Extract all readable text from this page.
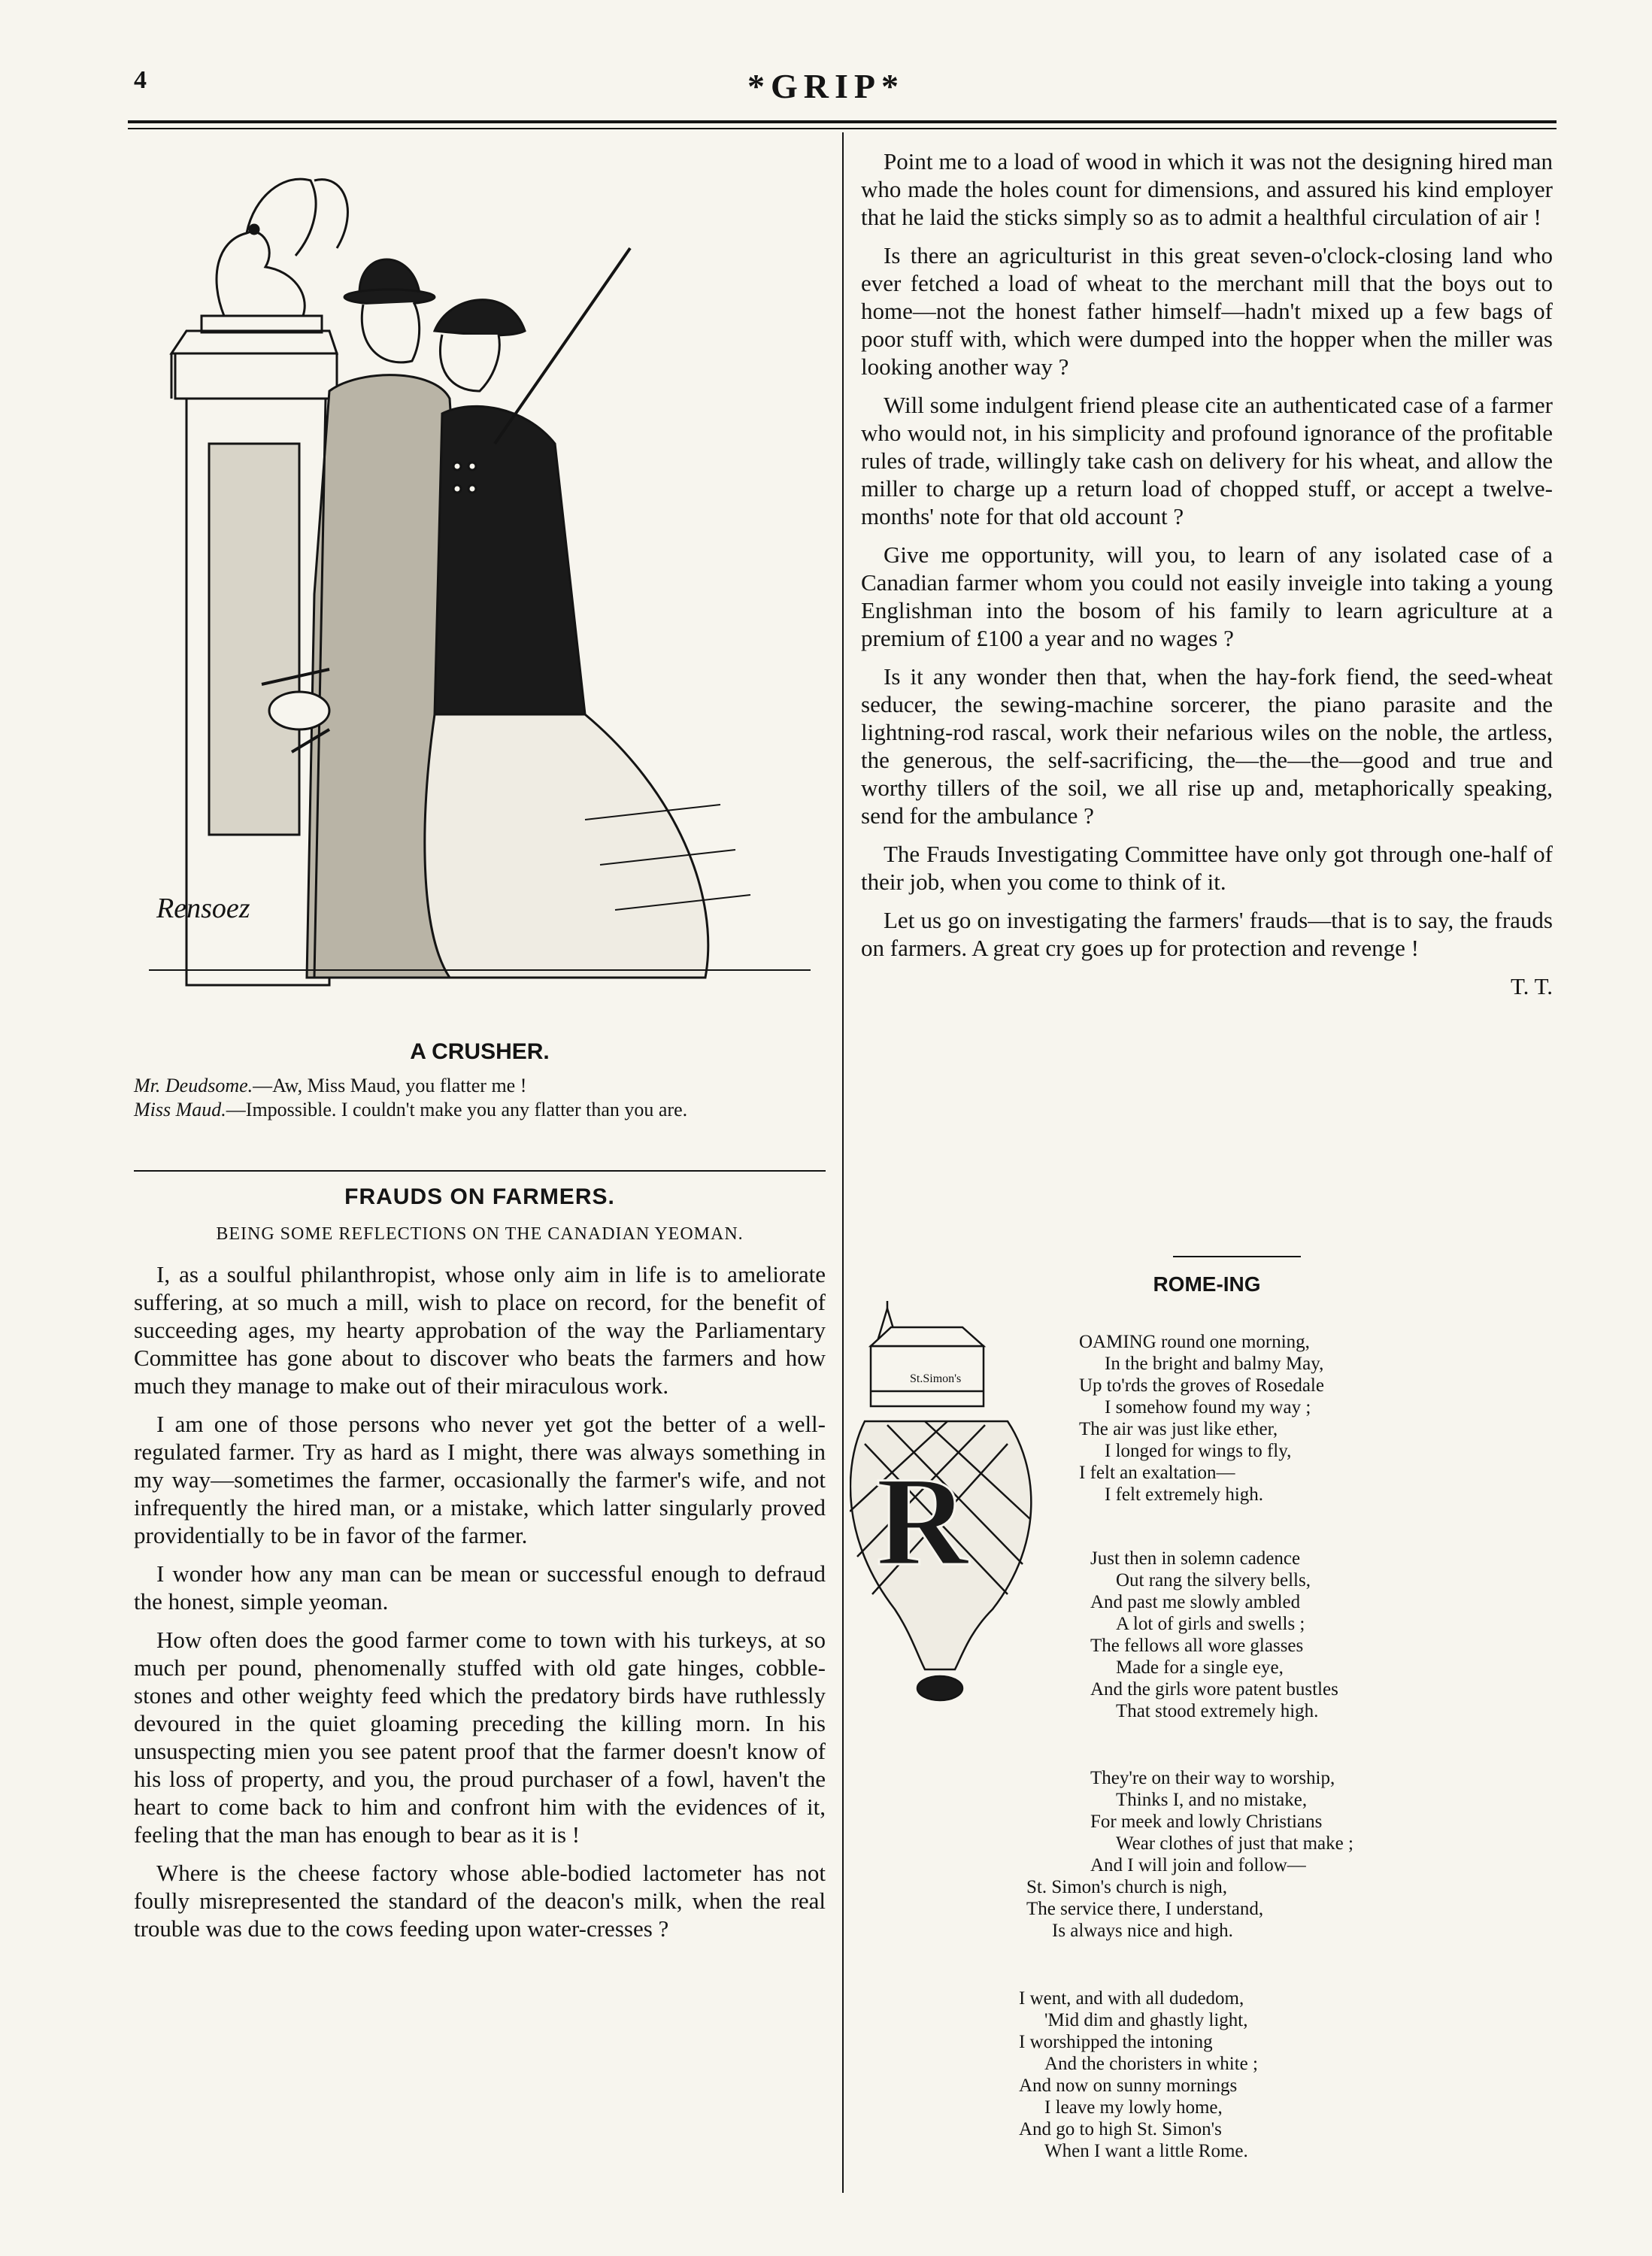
4	*GRIP*
Rensoez
A CRUSHER.
Mr. Deudsome.—Aw, Miss Maud, you flatter me !
Miss Maud.—Impossible. I couldn't make you any flatter than you are.
FRAUDS ON FARMERS.
BEING SOME REFLECTIONS ON THE CANADIAN YEOMAN.

I, as a soulful philanthropist, whose only aim in life is to ameliorate suffering, at so much a mill, wish to place on record, for the benefit of succeeding ages, my hearty approbation of the way the Parliamentary Committee has gone about to discover who beats the farmers and how much they manage to make out of their miraculous work.

I am one of those persons who never yet got the better of a well-regulated farmer. Try as hard as I might, there was always something in my way—sometimes the farmer, occasionally the farmer's wife, and not infrequently the hired man, or a mistake, which latter singularly proved providentially to be in favor of the farmer.

I wonder how any man can be mean or successful enough to defraud the honest, simple yeoman.

How often does the good farmer come to town with his turkeys, at so much per pound, phenomenally stuffed with old gate hinges, cobble-stones and other weighty feed which the predatory birds have ruthlessly devoured in the quiet gloaming preceding the killing morn. In his unsuspecting mien you see patent proof that the farmer doesn't know of his loss of property, and you, the proud purchaser of a fowl, haven't the heart to come back to him and confront him with the evidences of it, feeling that the man has enough to bear as it is !

Where is the cheese factory whose able-bodied lactometer has not foully misrepresented the standard of the deacon's milk, when the real trouble was due to the cows feeding upon water-cresses ?

Point me to a load of wood in which it was not the designing hired man who made the holes count for dimensions, and assured his kind employer that he laid the sticks simply so as to admit a healthful circulation of air !

Is there an agriculturist in this great seven-o'clock-closing land who ever fetched a load of wheat to the merchant mill that the boys out to home—not the honest father himself—hadn't mixed up a few bags of poor stuff with, which were dumped into the hopper when the miller was looking another way ?

Will some indulgent friend please cite an authenticated case of a farmer who would not, in his simplicity and profound ignorance of the profitable rules of trade, willingly take cash on delivery for his wheat, and allow the miller to charge up a return load of chopped stuff, or accept a twelve-months' note for that old account ?

Give me opportunity, will you, to learn of any isolated case of a Canadian farmer whom you could not easily inveigle into taking a young Englishman into the bosom of his family to learn agriculture at a premium of £100 a year and no wages ?

Is it any wonder then that, when the hay-fork fiend, the seed-wheat seducer, the sewing-machine sorcerer, the piano parasite and the lightning-rod rascal, work their nefarious wiles on the noble, the artless, the generous, the self-sacrificing, the—the—the—good and true and worthy tillers of the soil, we all rise up and, metaphorically speaking, send for the ambulance ?

The Frauds Investigating Committee have only got through one-half of their job, when you come to think of it.

Let us go on investigating the farmers' frauds—that is to say, the frauds on farmers. A great cry goes up for protection and revenge !

T. T.
ROME-ING
St.Simon's
R
OAMING round one morning,
In the bright and balmy May,
Up to'rds the groves of Rosedale
I somehow found my way ;
The air was just like ether,
I longed for wings to fly,
I felt an exaltation—
I felt extremely high.
Just then in solemn cadence
Out rang the silvery bells,
And past me slowly ambled
A lot of girls and swells ;
The fellows all wore glasses
Made for a single eye,
And the girls wore patent bustles
That stood extremely high.
They're on their way to worship,
Thinks I, and no mistake,
For meek and lowly Christians
Wear clothes of just that make ;
And I will join and follow—
St. Simon's church is nigh,
The service there, I understand,
Is always nice and high.
I went, and with all dudedom,
'Mid dim and ghastly light,
I worshipped the intoning
And the choristers in white ;
And now on sunny mornings
I leave my lowly home,
And go to high St. Simon's
When I want a little Rome.
